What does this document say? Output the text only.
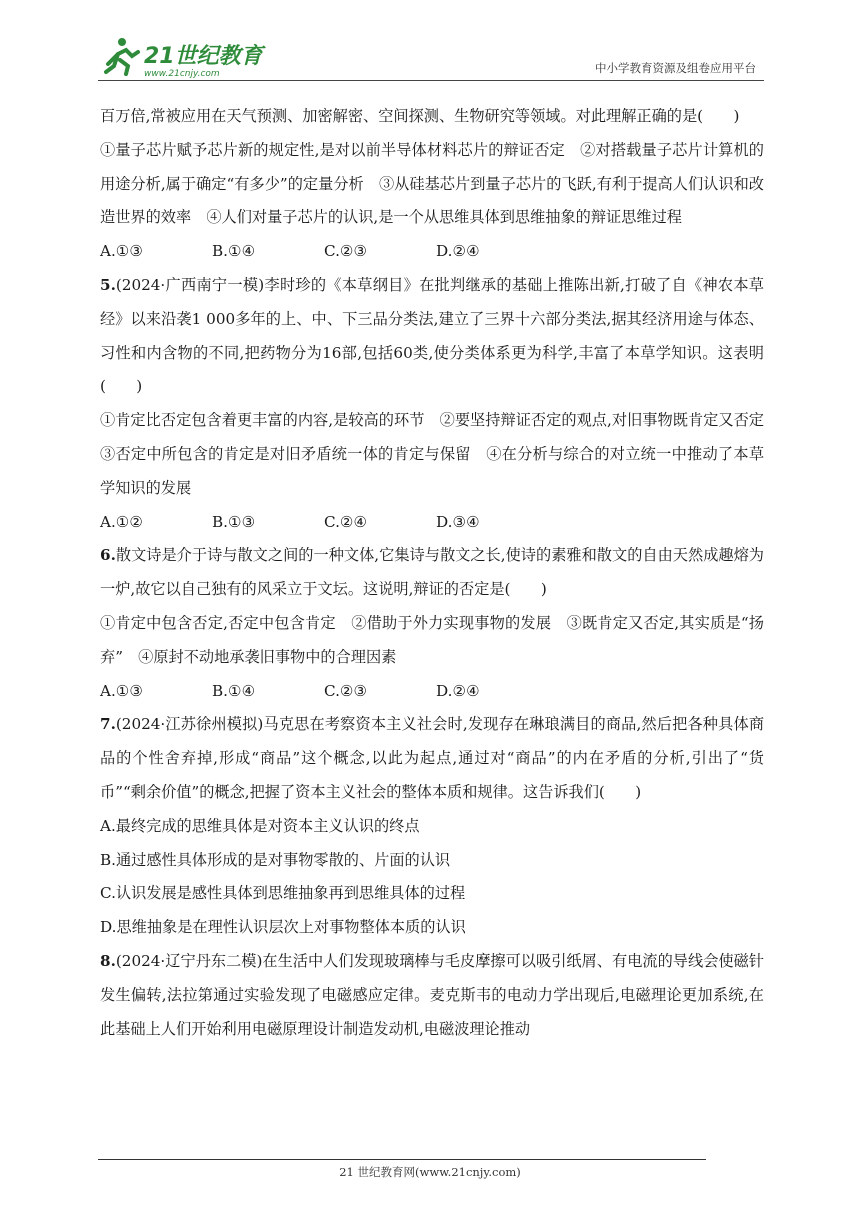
21世纪教育
www.21cnjy.com	中小学教育资源及组卷应用平台

百万倍,常被应用在天气预测、加密解密、空间探测、生物研究等领域。对此理解正确的是(　　)

①量子芯片赋予芯片新的规定性,是对以前半导体材料芯片的辩证否定　②对搭载量子芯片计算机的用途分析,属于确定“有多少”的定量分析　③从硅基芯片到量子芯片的飞跃,有利于提高人们认识和改造世界的效率　④人们对量子芯片的认识,是一个从思维具体到思维抽象的辩证思维过程

A.①③	B.①④	C.②③	D.②④

5.(2024·广西南宁一模)李时珍的《本草纲目》在批判继承的基础上推陈出新,打破了自《神农本草经》以来沿袭1 000多年的上、中、下三品分类法,建立了三界十六部分类法,据其经济用途与体态、习性和内含物的不同,把药物分为16部,包括60类,使分类体系更为科学,丰富了本草学知识。这表明(　　)

①肯定比否定包含着更丰富的内容,是较高的环节　②要坚持辩证否定的观点,对旧事物既肯定又否定　③否定中所包含的肯定是对旧矛盾统一体的肯定与保留　④在分析与综合的对立统一中推动了本草学知识的发展

A.①②	B.①③	C.②④	D.③④

6.散文诗是介于诗与散文之间的一种文体,它集诗与散文之长,使诗的素雅和散文的自由天然成趣熔为一炉,故它以自己独有的风采立于文坛。这说明,辩证的否定是(　　)

①肯定中包含否定,否定中包含肯定　②借助于外力实现事物的发展　③既肯定又否定,其实质是“扬弃”　④原封不动地承袭旧事物中的合理因素

A.①③	B.①④	C.②③	D.②④

7.(2024·江苏徐州模拟)马克思在考察资本主义社会时,发现存在琳琅满目的商品,然后把各种具体商品的个性舍弃掉,形成“商品”这个概念,以此为起点,通过对“商品”的内在矛盾的分析,引出了“货币”“剩余价值”的概念,把握了资本主义社会的整体本质和规律。这告诉我们(　　)

A.最终完成的思维具体是对资本主义认识的终点

B.通过感性具体形成的是对事物零散的、片面的认识

C.认识发展是感性具体到思维抽象再到思维具体的过程

D.思维抽象是在理性认识层次上对事物整体本质的认识

8.(2024·辽宁丹东二模)在生活中人们发现玻璃棒与毛皮摩擦可以吸引纸屑、有电流的导线会使磁针发生偏转,法拉第通过实验发现了电磁感应定律。麦克斯韦的电动力学出现后,电磁理论更加系统,在此基础上人们开始利用电磁原理设计制造发动机,电磁波理论推动

21 世纪教育网(www.21cnjy.com)
